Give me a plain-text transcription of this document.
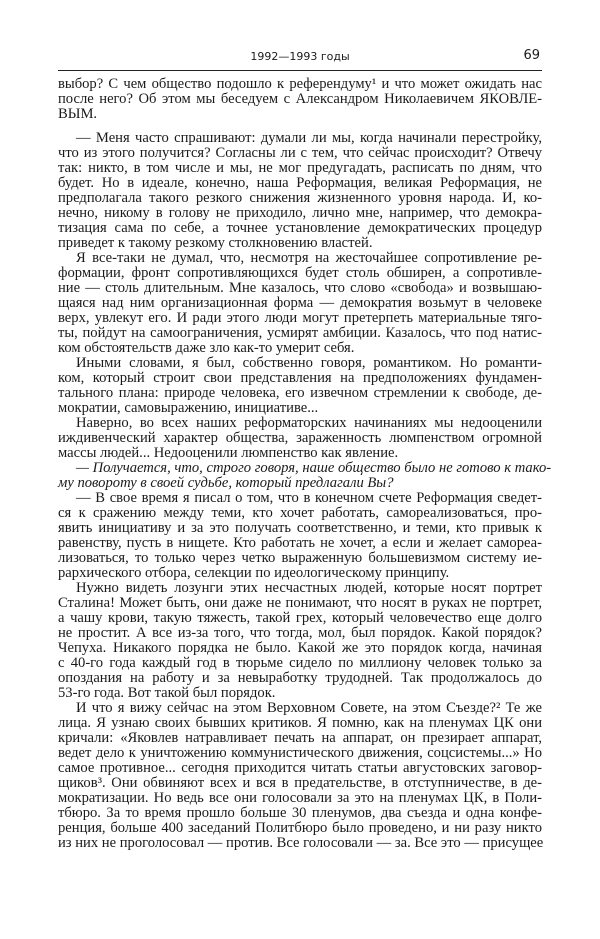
1992—1993 годы	69
выбор? С чем общество подошло к референдуму¹ и что может ожидать нас
после него? Об этом мы беседуем с Александром Николаевичем ЯКОВЛЕ-
ВЫМ.
— Меня часто спрашивают: думали ли мы, когда начинали перестройку,
что из этого получится? Согласны ли с тем, что сейчас происходит? Отвечу
так: никто, в том числе и мы, не мог предугадать, расписать по дням, что
будет. Но в идеале, конечно, наша Реформация, великая Реформация, не
предполагала такого резкого снижения жизненного уровня народа. И, ко-
нечно, никому в голову не приходило, лично мне, например, что демокра-
тизация сама по себе, а точнее установление демократических процедур
приведет к такому резкому столкновению властей.
Я все-таки не думал, что, несмотря на жесточайшее сопротивление ре-
формации, фронт сопротивляющихся будет столь обширен, а сопротивле-
ние — столь длительным. Мне казалось, что слово «свобода» и возвышаю-
щаяся над ним организационная форма — демократия возьмут в человеке
верх, увлекут его. И ради этого люди могут претерпеть материальные тяго-
ты, пойдут на самоограничения, усмирят амбиции. Казалось, что под натис-
ком обстоятельств даже зло как-то умерит себя.
Иными словами, я был, собственно говоря, романтиком. Но романти-
ком, который строит свои представления на предположениях фундамен-
тального плана: природе человека, его извечном стремлении к свободе, де-
мократии, самовыражению, инициативе...
Наверно, во всех наших реформаторских начинаниях мы недооценили
иждивенческий характер общества, зараженность люмпенством огромной
массы людей... Недооценили люмпенство как явление.
— Получается, что, строго говоря, наше общество было не готово к тако-
му повороту в своей судьбе, который предлагали Вы?
— В свое время я писал о том, что в конечном счете Реформация сведет-
ся к сражению между теми, кто хочет работать, самореализоваться, про-
явить инициативу и за это получать соответственно, и теми, кто привык к
равенству, пусть в нищете. Кто работать не хочет, а если и желает самореа-
лизоваться, то только через четко выраженную большевизмом систему ие-
рархического отбора, селекции по идеологическому принципу.
Нужно видеть лозунги этих несчастных людей, которые носят портрет
Сталина! Может быть, они даже не понимают, что носят в руках не портрет,
а чашу крови, такую тяжесть, такой грех, который человечество еще долго
не простит. А все из-за того, что тогда, мол, был порядок. Какой порядок?
Чепуха. Никакого порядка не было. Какой же это порядок когда, начиная
с 40-го года каждый год в тюрьме сидело по миллиону человек только за
опоздания на работу и за невыработку трудодней. Так продолжалось до
53-го года. Вот такой был порядок.
И что я вижу сейчас на этом Верховном Совете, на этом Съезде?² Те же
лица. Я узнаю своих бывших критиков. Я помню, как на пленумах ЦК они
кричали: «Яковлев натравливает печать на аппарат, он презирает аппарат,
ведет дело к уничтожению коммунистического движения, соцсистемы...» Но
самое противное... сегодня приходится читать статьи августовских заговор-
щиков³. Они обвиняют всех и вся в предательстве, в отступничестве, в де-
мократизации. Но ведь все они голосовали за это на пленумах ЦК, в Поли-
тбюро. За то время прошло больше 30 пленумов, два съезда и одна конфе-
ренция, больше 400 заседаний Политбюро было проведено, и ни разу никто
из них не проголосовал — против. Все голосовали — за. Все это — присущее
